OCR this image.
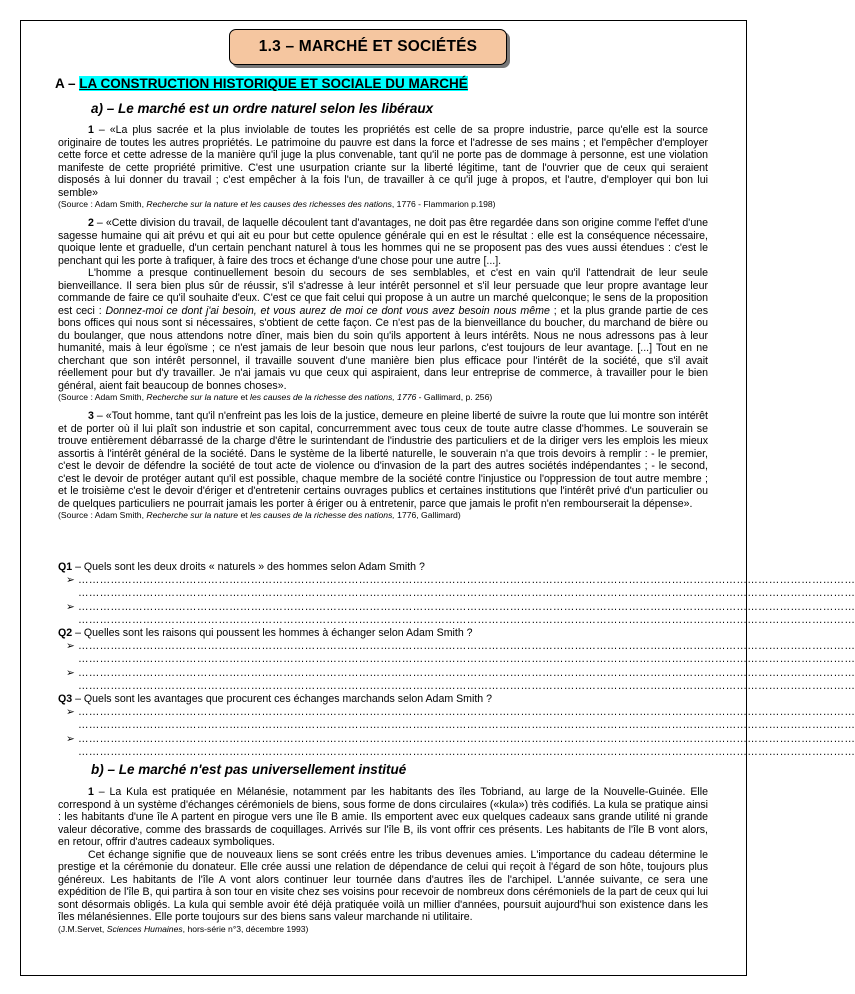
1.3 – MARCHÉ ET SOCIÉTÉS
A – LA CONSTRUCTION HISTORIQUE ET SOCIALE DU MARCHÉ
a) – Le marché est un ordre naturel selon les libéraux

1 – «La plus sacrée et la plus inviolable de toutes les propriétés est celle de sa propre industrie, parce qu'elle est la source originaire de toutes les autres propriétés. Le patrimoine du pauvre est dans la force et l'adresse de ses mains ; et l'empêcher d'employer cette force et cette adresse de la manière qu'il juge la plus convenable, tant qu'il ne porte pas de dommage à personne, est une violation manifeste de cette propriété primitive. C'est une usurpation criante sur la liberté légitime, tant de l'ouvrier que de ceux qui seraient disposés à lui donner du travail ; c'est empêcher à la fois l'un, de travailler à ce qu'il juge à propos, et l'autre, d'employer qui bon lui semble»

(Source : Adam Smith, Recherche sur la nature et les causes des richesses des nations, 1776 - Flammarion p.198)

2 – «Cette division du travail, de laquelle découlent tant d'avantages, ne doit pas être regardée dans son origine comme l'effet d'une sagesse humaine qui ait prévu et qui ait eu pour but cette opulence générale qui en est le résultat : elle est la conséquence nécessaire, quoique lente et graduelle, d'un certain penchant naturel à tous les hommes qui ne se proposent pas des vues aussi étendues : c'est le penchant qui les porte à trafiquer, à faire des trocs et échange d'une chose pour une autre [...].

L'homme a presque continuellement besoin du secours de ses semblables, et c'est en vain qu'il l'attendrait de leur seule bienveillance. Il sera bien plus sûr de réussir, s'il s'adresse à leur intérêt personnel et s'il leur persuade que leur propre avantage leur commande de faire ce qu'il souhaite d'eux. C'est ce que fait celui qui propose à un autre un marché quelconque; le sens de la proposition est ceci : Donnez-moi ce dont j'ai besoin, et vous aurez de moi ce dont vous avez besoin nous même ; et la plus grande partie de ces bons offices qui nous sont si nécessaires, s'obtient de cette façon. Ce n'est pas de la bienveillance du boucher, du marchand de bière ou du boulanger, que nous attendons notre dîner, mais bien du soin qu'ils apportent à leurs intérêts. Nous ne nous adressons pas à leur humanité, mais à leur égoïsme ; ce n'est jamais de leur besoin que nous leur parlons, c'est toujours de leur avantage. [...] Tout en ne cherchant que son intérêt personnel, il travaille souvent d'une manière bien plus efficace pour l'intérêt de la société, que s'il avait réellement pour but d'y travailler. Je n'ai jamais vu que ceux qui aspiraient, dans leur entreprise de commerce, à travailler pour le bien général, aient fait beaucoup de bonnes choses».

(Source : Adam Smith, Recherche sur la nature et les causes de la richesse des nations, 1776 - Gallimard, p. 256)

3 – «Tout homme, tant qu'il n'enfreint pas les lois de la justice, demeure en pleine liberté de suivre la route que lui montre son intérêt et de porter où il lui plaît son industrie et son capital, concurremment avec tous ceux de toute autre classe d'hommes. Le souverain se trouve entièrement débarrassé de la charge d'être le surintendant de l'industrie des particuliers et de la diriger vers les emplois les mieux assortis à l'intérêt général de la société. Dans le système de la liberté naturelle, le souverain n'a que trois devoirs à remplir : - le premier, c'est le devoir de défendre la société de tout acte de violence ou d'invasion de la part des autres sociétés indépendantes ; - le second, c'est le devoir de protéger autant qu'il est possible, chaque membre de la société contre l'injustice ou l'oppression de tout autre membre ; et le troisième c'est le devoir d'ériger et d'entretenir certains ouvrages publics et certaines institutions que l'intérêt privé d'un particulier ou de quelques particuliers ne pourrait jamais les porter à ériger ou à entretenir, parce que jamais le profit n'en rembourserait la dépense».

(Source : Adam Smith, Recherche sur la nature et les causes de la richesse des nations, 1776, Gallimard)

Q1 – Quels sont les deux droits « naturels » des hommes selon Adam Smith ?
➢ ………………………………………………………………………………………………………………………………………………………………………………………………
………………………………………………………………………………………………………………………………………………………………………………………………
➢ ………………………………………………………………………………………………………………………………………………………………………………………………
………………………………………………………………………………………………………………………………………………………………………………………………
Q2 – Quelles sont les raisons qui poussent les hommes à échanger selon Adam Smith ?
➢ ………………………………………………………………………………………………………………………………………………………………………………………………
………………………………………………………………………………………………………………………………………………………………………………………………
➢ ………………………………………………………………………………………………………………………………………………………………………………………………
………………………………………………………………………………………………………………………………………………………………………………………………
Q3 – Quels sont les avantages que procurent ces échanges marchands selon Adam Smith ?
➢ ………………………………………………………………………………………………………………………………………………………………………………………………
………………………………………………………………………………………………………………………………………………………………………………………………
➢ ………………………………………………………………………………………………………………………………………………………………………………………………
………………………………………………………………………………………………………………………………………………………………………………………………
b) – Le marché n'est pas universellement institué

1 – La Kula est pratiquée en Mélanésie, notamment par les habitants des îles Tobriand, au large de la Nouvelle-Guinée. Elle correspond à un système d'échanges cérémoniels de biens, sous forme de dons circulaires («kula») très codifiés. La kula se pratique ainsi : les habitants d'une île A partent en pirogue vers une île B amie. Ils emportent avec eux quelques cadeaux sans grande utilité ni grande valeur décorative, comme des brassards de coquillages. Arrivés sur l'île B, ils vont offrir ces présents. Les habitants de l'île B vont alors, en retour, offrir d'autres cadeaux symboliques.

Cet échange signifie que de nouveaux liens se sont créés entre les tribus devenues amies. L'importance du cadeau détermine le prestige et la cérémonie du donateur. Elle crée aussi une relation de dépendance de celui qui reçoit à l'égard de son hôte, toujours plus généreux. Les habitants de l'île A vont alors continuer leur tournée dans d'autres îles de l'archipel. L'année suivante, ce sera une expédition de l'île B, qui partira à son tour en visite chez ses voisins pour recevoir de nombreux dons cérémoniels de la part de ceux qui lui sont désormais obligés. La kula qui semble avoir été déjà pratiquée voilà un millier d'années, poursuit aujourd'hui son existence dans les îles mélanésiennes. Elle porte toujours sur des biens sans valeur marchande ni utilitaire.

(J.M.Servet, Sciences Humaines, hors-série n°3, décembre 1993)
